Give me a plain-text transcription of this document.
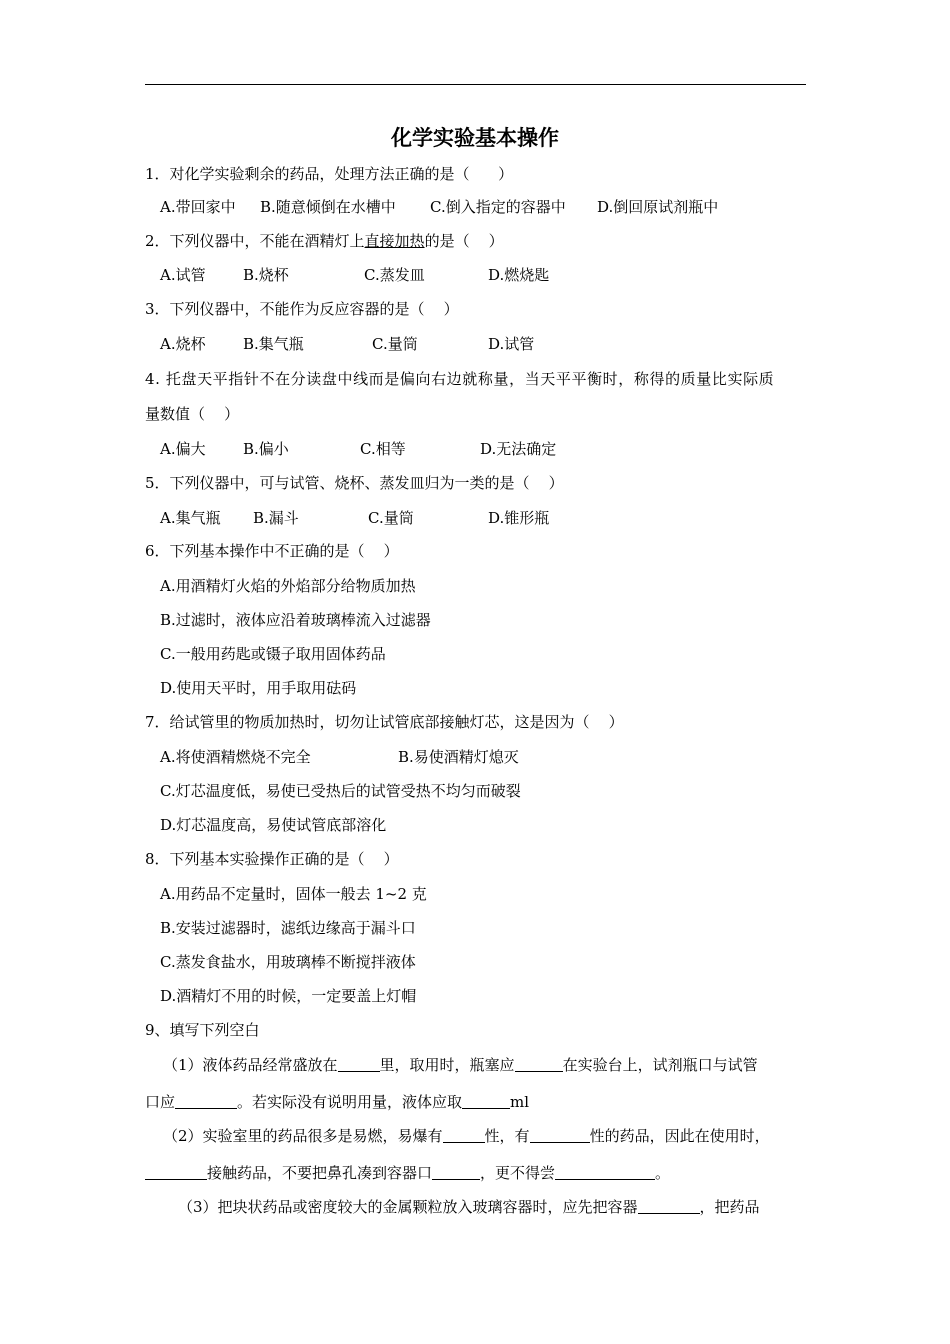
化学实验基本操作
1．对化学实验剩余的药品，处理方法正确的是（      ）
A.带回家中 B.随意倾倒在水槽中 C.倒入指定的容器中 D.倒回原试剂瓶中
2．下列仪器中，不能在酒精灯上直接加热的是（    ）
A.试管 B.烧杯	C.蒸发皿	D.燃烧匙
3．下列仪器中，不能作为反应容器的是（    ）
A.烧杯 B.集气瓶	C.量筒	D.试管
4. 托盘天平指针不在分读盘中线而是偏向右边就称量，当天平平衡时，称得的质量比实际质
量数值（    ）
A.偏大 B.偏小	C.相等	D.无法确定
5．下列仪器中，可与试管、烧杯、蒸发皿归为一类的是（    ）
A.集气瓶 B.漏斗	C.量筒	D.锥形瓶
6．下列基本操作中不正确的是（    ）
A.用酒精灯火焰的外焰部分给物质加热
B.过滤时，液体应沿着玻璃棒流入过滤器
C.一般用药匙或镊子取用固体药品
D.使用天平时，用手取用砝码
7．给试管里的物质加热时，切勿让试管底部接触灯芯，这是因为（    ）
A.将使酒精燃烧不完全	B.易使酒精灯熄灭
C.灯芯温度低，易使已受热后的试管受热不均匀而破裂
D.灯芯温度高，易使试管底部溶化
8．下列基本实验操作正确的是（    ）
A.用药品不定量时，固体一般去 1~2 克
B.安装过滤器时，滤纸边缘高于漏斗口
C.蒸发食盐水，用玻璃棒不断搅拌液体
D.酒精灯不用的时候，一定要盖上灯帽
9、填写下列空白
（1）液体药品经常盛放在	里，取用时，瓶塞应	在实验台上，试剂瓶口与试管
口应	。若实际没有说明用量，液体应取	ml
（2）实验室里的药品很多是易燃，易爆有	性，有	性的药品，因此在使用时，
接触药品，不要把鼻孔凑到容器口	，更不得尝	。
（3）把块状药品或密度较大的金属颗粒放入玻璃容器时，应先把容器	，把药品
